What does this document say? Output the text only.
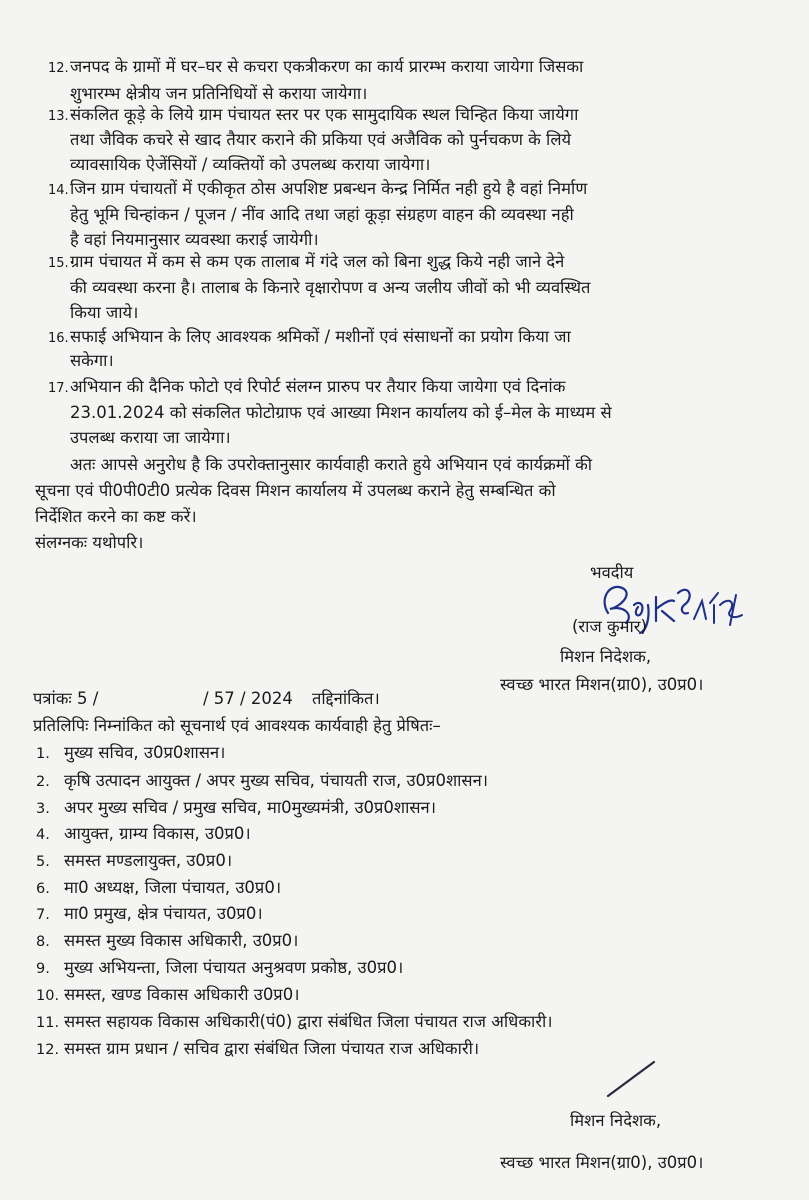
12. जनपद के ग्रामों में घर–घर से कचरा एकत्रीकरण का कार्य प्रारम्भ कराया जायेगा जिसका
शुभारम्भ क्षेत्रीय जन प्रतिनिधियों से कराया जायेगा।
13. संकलित कूड़े के लिये ग्राम पंचायत स्तर पर एक सामुदायिक स्थल चिन्हित किया जायेगा
तथा जैविक कचरे से खाद तैयार कराने की प्रकिया एवं अजैविक को पुर्नचकण के लिये
व्यावसायिक ऐजेंसियों / व्यक्तियों को उपलब्ध कराया जायेगा।
14. जिन ग्राम पंचायतों में एकीकृत ठोस अपशिष्ट प्रबन्धन केन्द्र निर्मित नही हुये है वहां निर्माण
हेतु भूमि चिन्हांकन / पूजन / नींव आदि तथा जहां कूड़ा संग्रहण वाहन की व्यवस्था नही
है वहां नियमानुसार व्यवस्था कराई जायेगी।
15. ग्राम पंचायत में कम से कम एक तालाब में गंदे जल को बिना शुद्ध किये नही जाने देने
की व्यवस्था करना है। तालाब के किनारे वृक्षारोपण व अन्य जलीय जीवों को भी व्यवस्थित
किया जाये।
16. सफाई अभियान के लिए आवश्यक श्रमिकों / मशीनों एवं संसाधनों का प्रयोग किया जा
सकेगा।
17. अभियान की दैनिक फोटो एवं रिपोर्ट संलग्न प्रारुप पर तैयार किया जायेगा एवं दिनांक
23.01.2024 को संकलित फोटोग्राफ एवं आख्या मिशन कार्यालय को ई–मेल के माध्यम से
उपलब्ध कराया जा जायेगा।
अतः आपसे अनुरोध है कि उपरोक्तानुसार कार्यवाही कराते हुये अभियान एवं कार्यक्रमों की
सूचना एवं पी0पी0टी0 प्रत्येक दिवस मिशन कार्यालय में उपलब्ध कराने हेतु सम्बन्धित को
निर्देशित करने का कष्ट करें।
संलग्नकः यथोपरि।
भवदीय
(राज कुमार)
मिशन निदेशक,
स्वच्छ भारत मिशन(ग्रा0), उ0प्र0।
पत्रांकः 5 /	/ 57 / 2024 तद्दिनांकित।
प्रतिलिपिः निम्नांकित को सूचनार्थ एवं आवश्यक कार्यवाही हेतु प्रेषितः–
1. मुख्य सचिव, उ0प्र0शासन।
2. कृषि उत्पादन आयुक्त / अपर मुख्य सचिव, पंचायती राज, उ0प्र0शासन।
3. अपर मुख्य सचिव / प्रमुख सचिव, मा0मुख्यमंत्री, उ0प्र0शासन।
4. आयुक्त, ग्राम्य विकास, उ0प्र0।
5. समस्त मण्डलायुक्त, उ0प्र0।
6. मा0 अध्यक्ष, जिला पंचायत, उ0प्र0।
7. मा0 प्रमुख, क्षेत्र पंचायत, उ0प्र0।
8. समस्त मुख्य विकास अधिकारी, उ0प्र0।
9. मुख्य अभियन्ता, जिला पंचायत अनुश्रवण प्रकोष्ठ, उ0प्र0।
10. समस्त, खण्ड विकास अधिकारी उ0प्र0।
11. समस्त सहायक विकास अधिकारी(पं0) द्वारा संबंधित जिला पंचायत राज अधिकारी।
12. समस्त ग्राम प्रधान / सचिव द्वारा संबंधित जिला पंचायत राज अधिकारी।
मिशन निदेशक,
स्वच्छ भारत मिशन(ग्रा0), उ0प्र0।
